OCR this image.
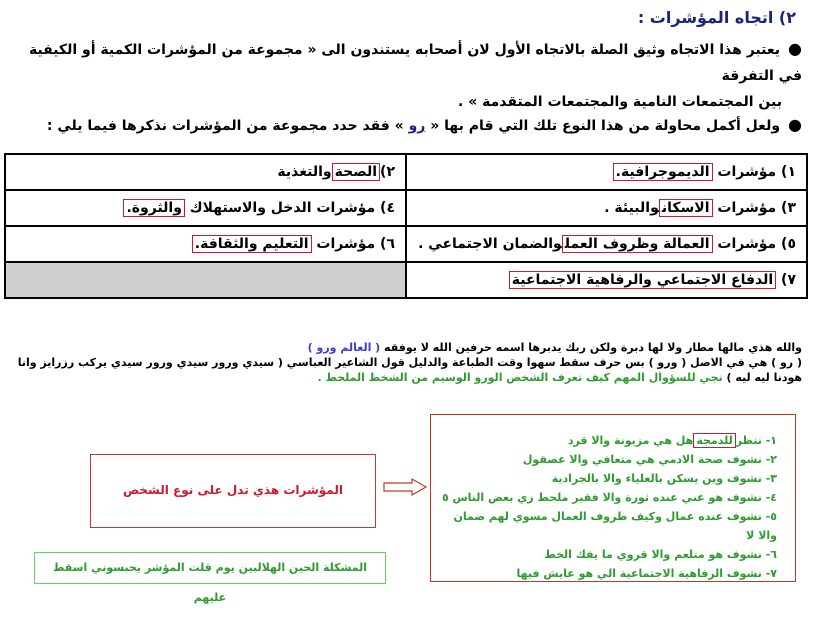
٢) اتجاه المؤشرات :
●يعتبر هذا الاتجاه وثيق الصلة بالاتجاه الأول لان أصحابه يستندون الى « مجموعة من المؤشرات الكمية أو الكيفية في التفرقة
بين المجتمعات النامية والمجتمعات المتقدمة » .
●ولعل أكمل محاولة من هذا النوع تلك التي قام بها « رو » فقد حدد مجموعة من المؤشرات نذكرها فيما يلي :
١) مؤشرات الديموجرافية.	٢)الصحةوالتغذية
٣) مؤشرات الاسكانوالبيئة .	٤) مؤشرات الدخل والاستهلاك والثروة.
٥) مؤشرات العمالة وظروف العملوالضمان الاجتماعي .	٦) مؤشرات التعليم والثقافة.
٧) الدفاع الاجتماعي والرفاهية الاجتماعية	
والله هذي مالها مطار ولا لها دبرة ولكن ربك يدبرها اسمه حرفين الله لا يوفقه ( العالم ورو )
( رو ) هي في الاصل ( ورو ) بس حرف سقط سهوا وقت الطباعة والدليل قول الشاعير العباسي ( سيدي ورور سيدي ورور سيدي يركب رزرايز وانا
هودنا ليه ليه ) نجي للسؤوال المهم كيف تعرف الشخص الورو الوسيم من الشخط الملحط .
المؤشرات هذي تدل على نوع الشخص
١- ننظرللدمجةهل هي مزيونة والا قرد
٢- نشوف صحة الادمي هي متعافي والا عصقول
٣- نشوف وين يسكن بالعلياء والا بالجرادية
٤- نشوف هو غني عنده ثورة والا فقير ملحط زي بعض الناس ٥
٥- نشوف عنده عمال وكيف ظروف العمال مسوي لهم ضمان والا لا
٦- نشوف هو متلعم والا قروي ما يفك الخط
٧- نشوف الرفاهية الاجتماعية الي هو عايش فيها
المشكلة الحين الهلالبين يوم قلت المؤشر يحبسوني اسقط عليهم
